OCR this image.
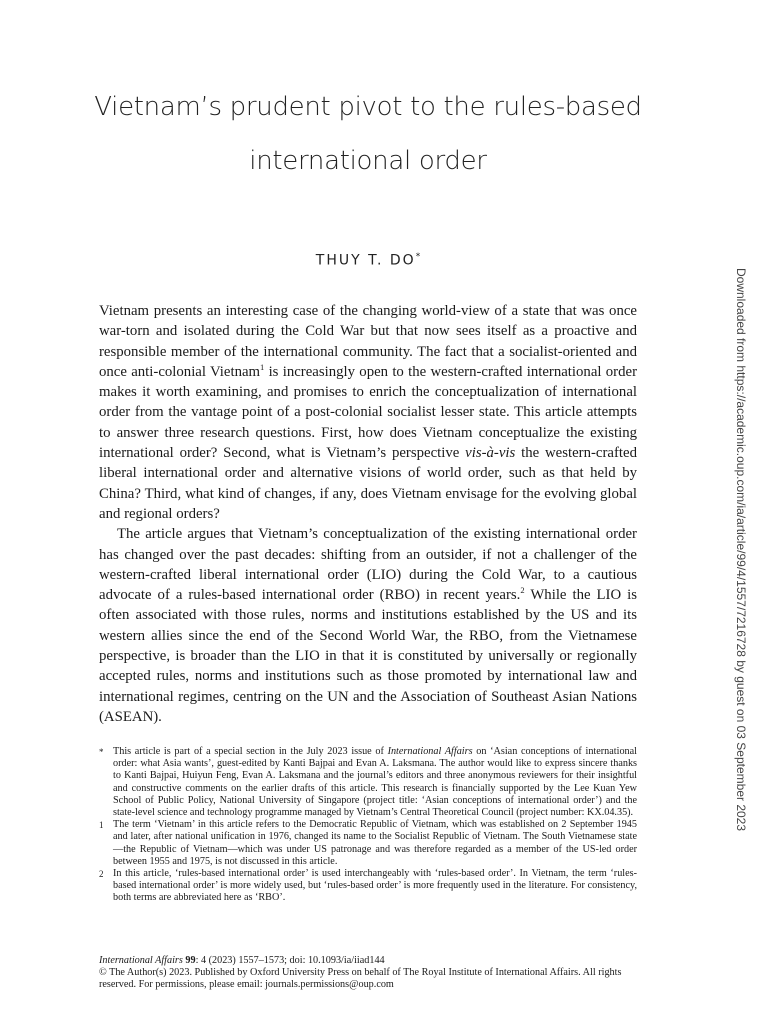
Vietnam’s prudent pivot to the rules-based
international order
THUY T. DO*

Vietnam presents an interesting case of the changing world-view of a state that was once war-torn and isolated during the Cold War but that now sees itself as a proactive and responsible member of the international community. The fact that a socialist-oriented and once anti-colonial Vietnam$^1$ is increasingly open to the western-crafted international order makes it worth examining, and promises to enrich the conceptualization of international order from the vantage point of a post-colonial socialist lesser state. This article attempts to answer three research questions. First, how does Vietnam conceptualize the existing international order? Second, what is Vietnam’s perspective vis-à-vis the western-crafted liberal international order and alternative visions of world order, such as that held by China? Third, what kind of changes, if any, does Vietnam envisage for the evolving global and regional orders?

The article argues that Vietnam’s conceptualization of the existing international order has changed over the past decades: shifting from an outsider, if not a challenger of the western-crafted liberal international order (LIO) during the Cold War, to a cautious advocate of a rules-based international order (RBO) in recent years.$^2$ While the LIO is often associated with those rules, norms and institutions established by the US and its western allies since the end of the Second World War, the RBO, from the Vietnamese perspective, is broader than the LIO in that it is constituted by universally or regionally accepted rules, norms and institutions such as those promoted by international law and international regimes, centring on the UN and the Association of Southeast Asian Nations (ASEAN).

* This article is part of a special section in the July 2023 issue of International Affairs on ‘Asian conceptions of international order: what Asia wants’, guest-edited by Kanti Bajpai and Evan A. Laksmana. The author would like to express sincere thanks to Kanti Bajpai, Huiyun Feng, Evan A. Laksmana and the journal’s editors and three anonymous reviewers for their insightful and constructive comments on the earlier drafts of this article. This research is financially supported by the Lee Kuan Yew School of Public Policy, National University of Singapore (project title: ‘Asian conceptions of international order’) and the state-level science and technology programme managed by Vietnam’s Central Theoretical Council (project number: KX.04.35).

1 The term ‘Vietnam’ in this article refers to the Democratic Republic of Vietnam, which was established on 2 September 1945 and later, after national unification in 1976, changed its name to the Socialist Republic of Vietnam. The South Vietnamese state—the Republic of Vietnam—which was under US patronage and was therefore regarded as a member of the US-led order between 1955 and 1975, is not discussed in this article.

2 In this article, ‘rules-based international order’ is used interchangeably with ‘rules-based order’. In Vietnam, the term ‘rules-based international order’ is more widely used, but ‘rules-based order’ is more frequently used in the literature. For consistency, both terms are abbreviated here as ‘RBO’.

International Affairs 99: 4 (2023) 1557–1573; doi: 10.1093/ia/iiad144

© The Author(s) 2023. Published by Oxford University Press on behalf of The Royal Institute of International Affairs. All rights reserved. For permissions, please email: journals.permissions@oup.com

Downloaded from https://academic.oup.com/ia/article/99/4/1557/7216728 by guest on 03 September 2023
